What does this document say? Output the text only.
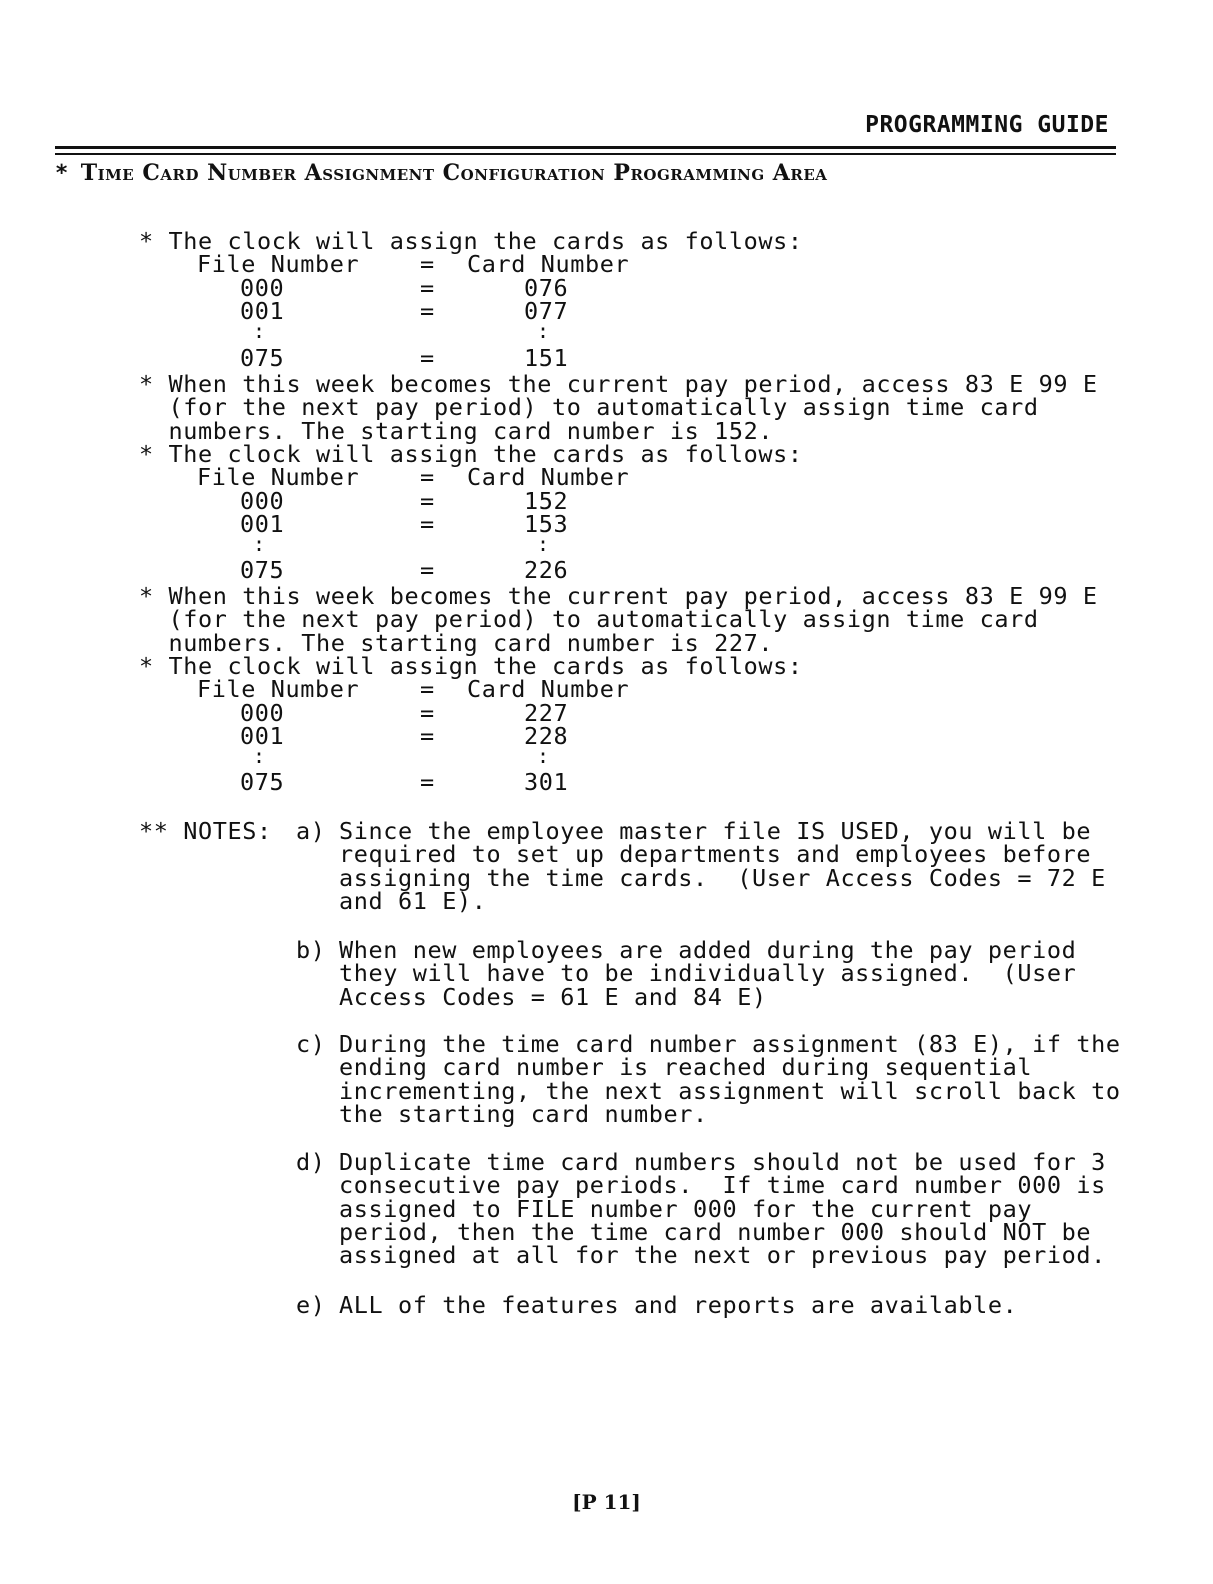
PROGRAMMING GUIDE
* Time Card Number Assignment Configuration Programming Area
* The clock will assign the cards as follows:
File Number	= Card Number
000	=	076
001	=	077
:	:
075	=	151
* When this week becomes the current pay period, access 83 E 99 E
(for the next pay period) to automatically assign time card
numbers. The starting card number is 152.
* The clock will assign the cards as follows:
File Number	= Card Number
000	=	152
001	=	153
:	:
075	=	226
* When this week becomes the current pay period, access 83 E 99 E
(for the next pay period) to automatically assign time card
numbers. The starting card number is 227.
* The clock will assign the cards as follows:
File Number	= Card Number
000	=	227
001	=	228
:	:
075	=	301
** NOTES: a) Since the employee master file IS USED, you will be
required to set up departments and employees before
assigning the time cards.  (User Access Codes = 72 E
and 61 E).
b) When new employees are added during the pay period
they will have to be individually assigned.  (User
Access Codes = 61 E and 84 E)
c) During the time card number assignment (83 E), if the
ending card number is reached during sequential
incrementing, the next assignment will scroll back to
the starting card number.
d) Duplicate time card numbers should not be used for 3
consecutive pay periods.  If time card number 000 is
assigned to FILE number 000 for the current pay
period, then the time card number 000 should NOT be
assigned at all for the next or previous pay period.
e) ALL of the features and reports are available.
[P 11]
